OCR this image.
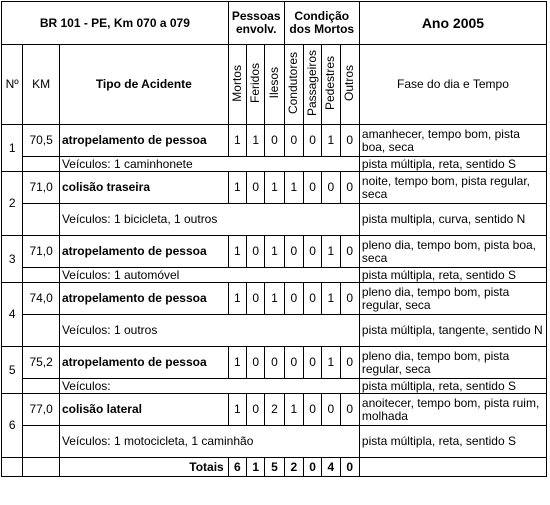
BR 101 - PE, Km 070 a 079			Pessoas envolv.			Condição dos Mortos				Ano 2005
Nº	KM	Tipo de Acidente	Mortos	Feridos	Ilesos	Condutores	Passageiros	Pedestres	Outros	Fase do dia e Tempo
1	70,5	atropelamento de pessoa	1	1	0	0	0	1	0	amanhecer, tempo bom, pista boa, seca
		Veículos: 1 caminhonete								pista múltipla, reta, sentido S
2	71,0	colisão traseira	1	0	1	1	0	0	0	noite, tempo bom, pista regular, seca
		Veículos: 1 bicicleta, 1 outros								pista multipla, curva, sentido N
3	71,0	atropelamento de pessoa	1	0	1	0	0	1	0	pleno dia, tempo bom, pista boa, seca
		Veículos: 1 automóvel								pista múltipla, reta, sentido S
4	74,0	atropelamento de pessoa	1	0	1	0	0	1	0	pleno dia, tempo bom, pista regular, seca
		Veículos: 1 outros								pista múltipla, tangente, sentido N
5	75,2	atropelamento de pessoa	1	0	0	0	0	1	0	pleno dia, tempo bom, pista regular, seca
		Veículos:								pista múltipla, reta, sentido S
6	77,0	colisão lateral	1	0	2	1	0	0	0	anoitecer, tempo bom, pista ruim, molhada
		Veículos: 1 motocicleta, 1 caminhão								pista múltipla, reta, sentido S
		Totais	6	1	5	2	0	4	0	
